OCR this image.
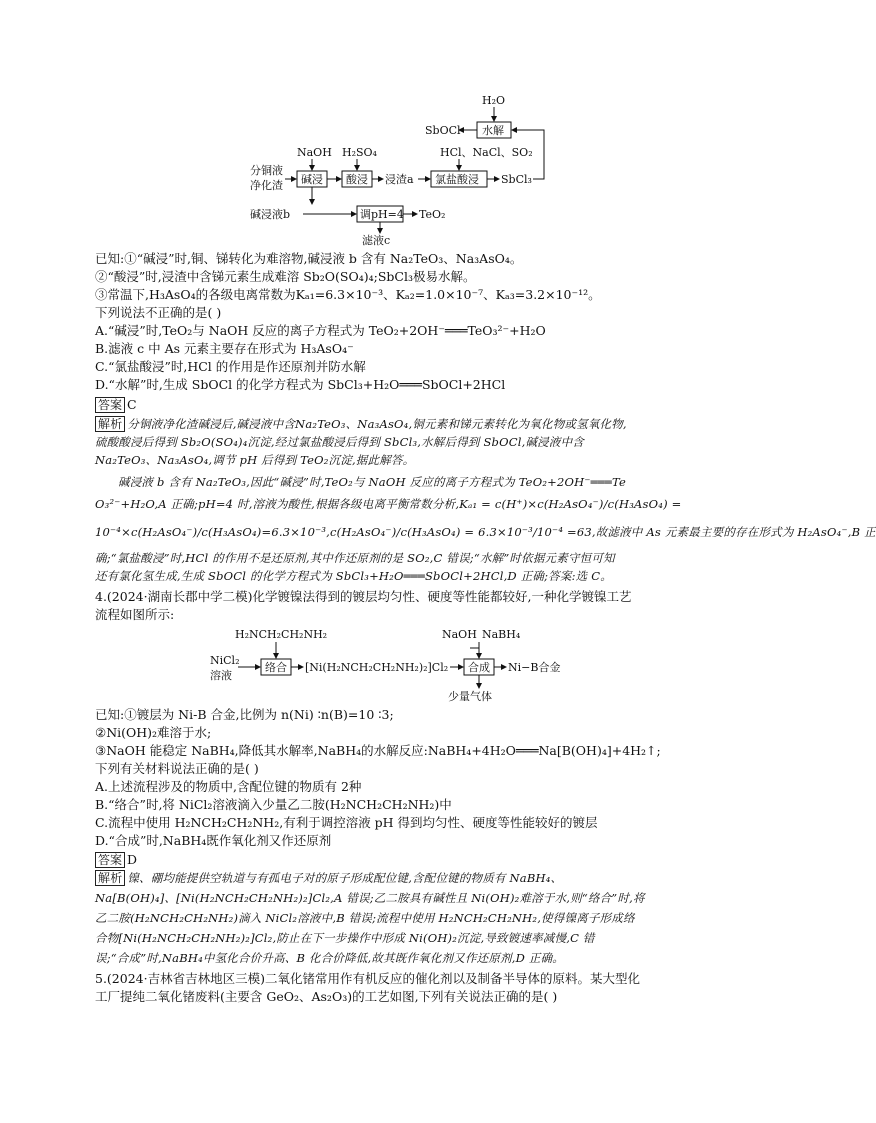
H₂O
SbOCl 水解
NaOH H₂SO₄	HCl、NaCl、SO₂
分铜液
净化渣 碱浸 酸浸 浸渣a 氯盐酸浸 SbCl₃
碱浸液b	调pH=4 TeO₂
滤液c
已知:①“碱浸”时,铜、锑转化为难溶物,碱浸液 b 含有 Na₂TeO₃、Na₃AsO₄。
②“酸浸”时,浸渣中含锑元素生成难溶 Sb₂O(SO₄)₄;SbCl₃极易水解。
③常温下,H₃AsO₄的各级电离常数为Kₐ₁=6.3×10⁻³、Kₐ₂=1.0×10⁻⁷、Kₐ₃=3.2×10⁻¹²。
下列说法不正确的是( )
A.“碱浸”时,TeO₂与 NaOH 反应的离子方程式为 TeO₂+2OH⁻═══TeO₃²⁻+H₂O
B.滤液 c 中 As 元素主要存在形式为 H₃AsO₄⁻
C.“氯盐酸浸”时,HCl 的作用是作还原剂并防水解
D.“水解”时,生成 SbOCl 的化学方程式为 SbCl₃+H₂O═══SbOCl+2HCl
答案 C
解析 分铜液净化渣碱浸后,碱浸液中含Na₂TeO₃、Na₃AsO₄,铜元素和锑元素转化为氧化物或氢氧化物,
硫酸酸浸后得到 Sb₂O(SO₄)₄沉淀,经过氯盐酸浸后得到 SbCl₃,水解后得到 SbOCl,碱浸液中含
Na₂TeO₃、Na₃AsO₄,调节 pH 后得到 TeO₂沉淀,据此解答。
碱浸液 b 含有 Na₂TeO₃,因此“碱浸”时,TeO₂与 NaOH 反应的离子方程式为 TeO₂+2OH⁻═══Te
O₃²⁻+H₂O,A 正确;pH=4 时,溶液为酸性,根据各级电离平衡常数分析,Kₐ₁ = c(H⁺)×c(H₂AsO₄⁻)/c(H₃AsO₄) =
10⁻⁴×c(H₂AsO₄⁻)/c(H₃AsO₄)=6.3×10⁻³,c(H₂AsO₄⁻)/c(H₃AsO₄) = 6.3×10⁻³/10⁻⁴ =63,故滤液中 As 元素最主要的存在形式为 H₂AsO₄⁻,B 正
确;“氯盐酸浸”时,HCl 的作用不是还原剂,其中作还原剂的是 SO₂,C 错误;“水解”时依据元素守恒可知
还有氯化氢生成,生成 SbOCl 的化学方程式为 SbCl₃+H₂O═══SbOCl+2HCl,D 正确;答案:选 C。
4.(2024·湖南长郡中学二模)化学镀镍法得到的镀层均匀性、硬度等性能都较好,一种化学镀镍工艺
流程如图所示:
H₂NCH₂CH₂NH₂	NaOH NaBH₄
NiCl₂
溶液
络合 [Ni(H₂NCH₂CH₂NH₂)₂]Cl₂ 合成 Ni−B合金
少量气体
已知:①镀层为 Ni-B 合金,比例为 n(Ni) ∶n(B)=10 ∶3;
②Ni(OH)₂难溶于水;
③NaOH 能稳定 NaBH₄,降低其水解率,NaBH₄的水解反应:NaBH₄+4H₂O═══Na[B(OH)₄]+4H₂↑;
下列有关材料说法正确的是( )
A.上述流程涉及的物质中,含配位键的物质有 2种
B.“络合”时,将 NiCl₂溶液滴入少量乙二胺(H₂NCH₂CH₂NH₂)中
C.流程中使用 H₂NCH₂CH₂NH₂,有利于调控溶液 pH 得到均匀性、硬度等性能较好的镀层
D.“合成”时,NaBH₄既作氧化剂又作还原剂
答案 D
解析 镍、硼均能提供空轨道与有孤电子对的原子形成配位键,含配位键的物质有 NaBH₄、
Na[B(OH)₄]、[Ni(H₂NCH₂CH₂NH₂)₂]Cl₂,A 错误;乙二胺具有碱性且 Ni(OH)₂难溶于水,则“络合”时,将
乙二胺(H₂NCH₂CH₂NH₂)滴入 NiCl₂溶液中,B 错误;流程中使用 H₂NCH₂CH₂NH₂,使得镍离子形成络
合物[Ni(H₂NCH₂CH₂NH₂)₂]Cl₂,防止在下一步操作中形成 Ni(OH)₂沉淀,导致镀速率减慢,C 错
误;“合成”时,NaBH₄中氢化合价升高、B 化合价降低,故其既作氧化剂又作还原剂,D 正确。
5.(2024·吉林省吉林地区三模)二氧化锗常用作有机反应的催化剂以及制备半导体的原料。某大型化
工厂提纯二氧化锗废料(主要含 GeO₂、As₂O₃)的工艺如图,下列有关说法正确的是( )
